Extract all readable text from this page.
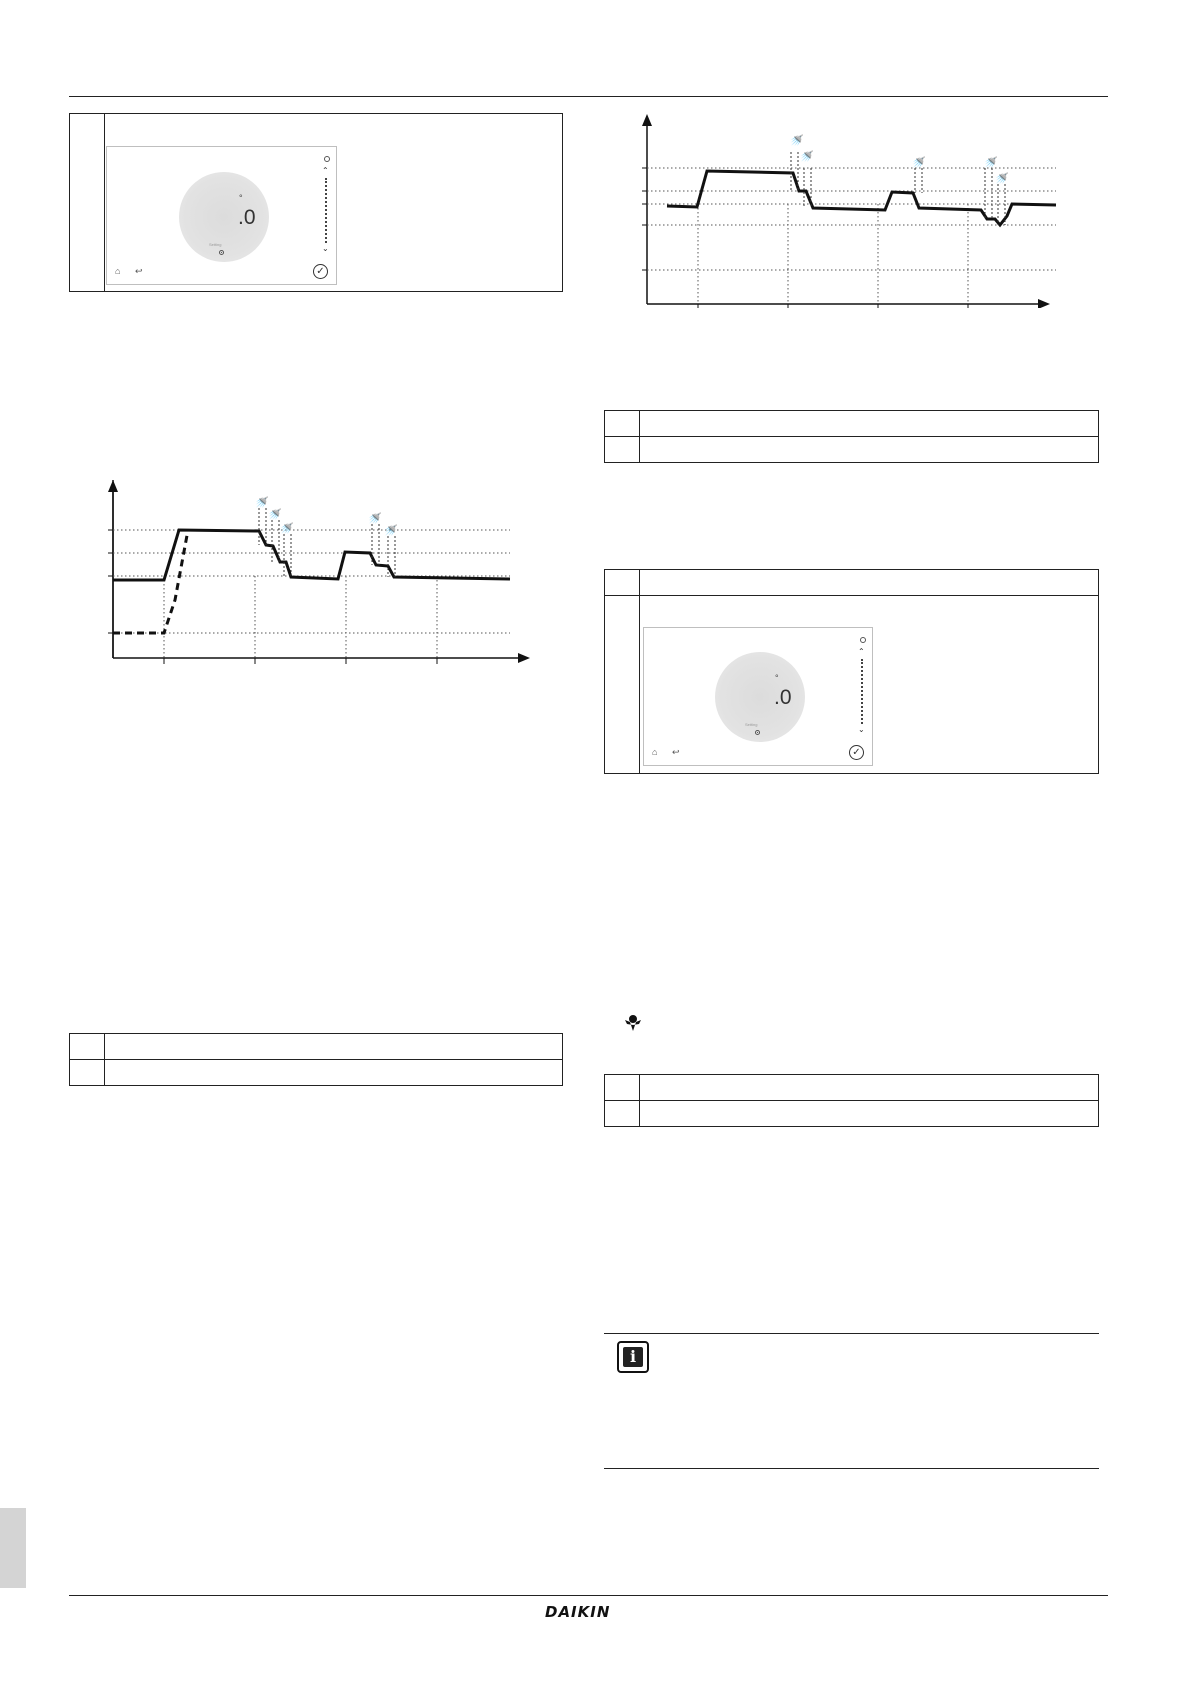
DAIKIN
°
.0
Setting
⌃
⌄
⌂ ↩	✓
🚿
🚿
🚿
🚿
🚿
🚿
🚿	🚿	🚿
🚿
°
.0
Setting
⌃
⌄
⌂ ↩	✓
i
